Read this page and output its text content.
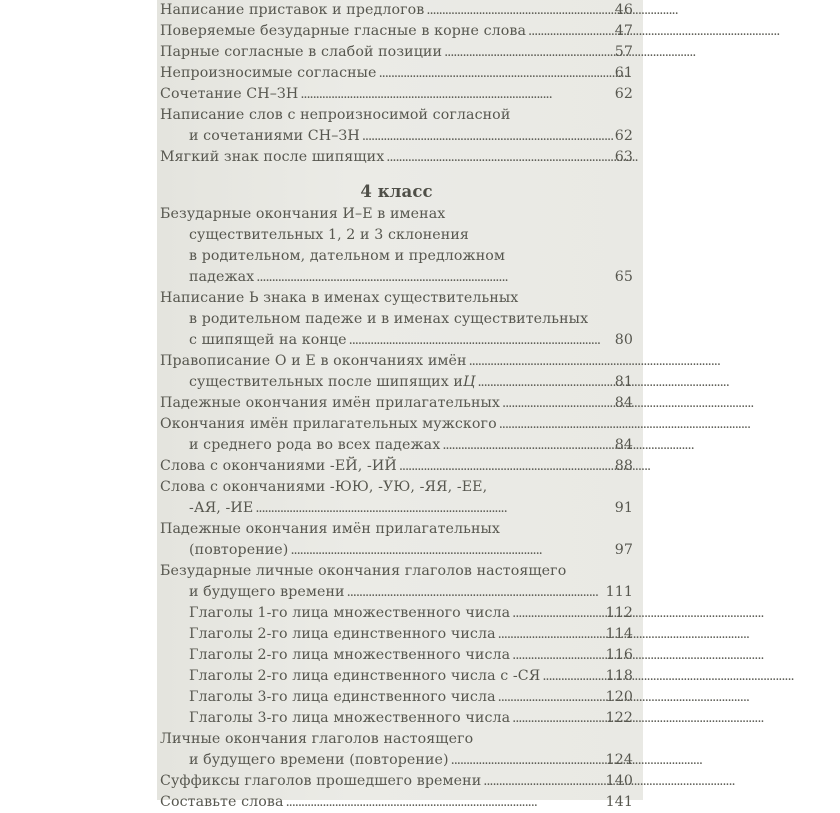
Написание приставок и предлогов . . .	46
Поверяемые безударные гласные в корне слова . . .	47
Парные согласные в слабой позиции . . .	57
Непроизносимые согласные . . .	61
Сочетание СН–ЗН . . .	62
Написание слов с непроизносимой согласной
и сочетаниями СН–ЗН . . .	62
Мягкий знак после шипящих . . .	63
4 класс
Безударные окончания И–Е в именах
существительных 1, 2 и 3 склонения
в родительном, дательном и предложном
падежах . . .	65
Написание Ь знака в именах существительных
в родительном падеже и в именах существительных
с шипящей на конце . . .	80
Правописание О и Е в окончаниях имён
. . .
существительных после шипящих и Ц . . .	81
Падежные окончания имён прилагательных . . .	84
Окончания имён прилагательных мужского
. . .
и среднего рода во всех падежах . . .	84
Слова с окончаниями -ЕЙ, -ИЙ . . .	88
Слова с окончаниями -ЮЮ, -УЮ, -ЯЯ, -ЕЕ,
-АЯ, -ИЕ . . .	91
Падежные окончания имён прилагательных
(повторение) . . .	97
Безударные личные окончания глаголов настоящего
и будущего времени . . .	111
Глаголы 1-го лица множественного числа . . .	112
Глаголы 2-го лица единственного числа . . .	114
Глаголы 2-го лица множественного числа . . .	116
Глаголы 2-го лица единственного числа с -СЯ . . .	118
Глаголы 3-го лица единственного числа . . .	120
Глаголы 3-го лица множественного числа . . .	122
Личные окончания глаголов настоящего
и будущего времени (повторение) . . .	124
Суффиксы глаголов прошедшего времени . . .	140
Составьте слова . . .	141
